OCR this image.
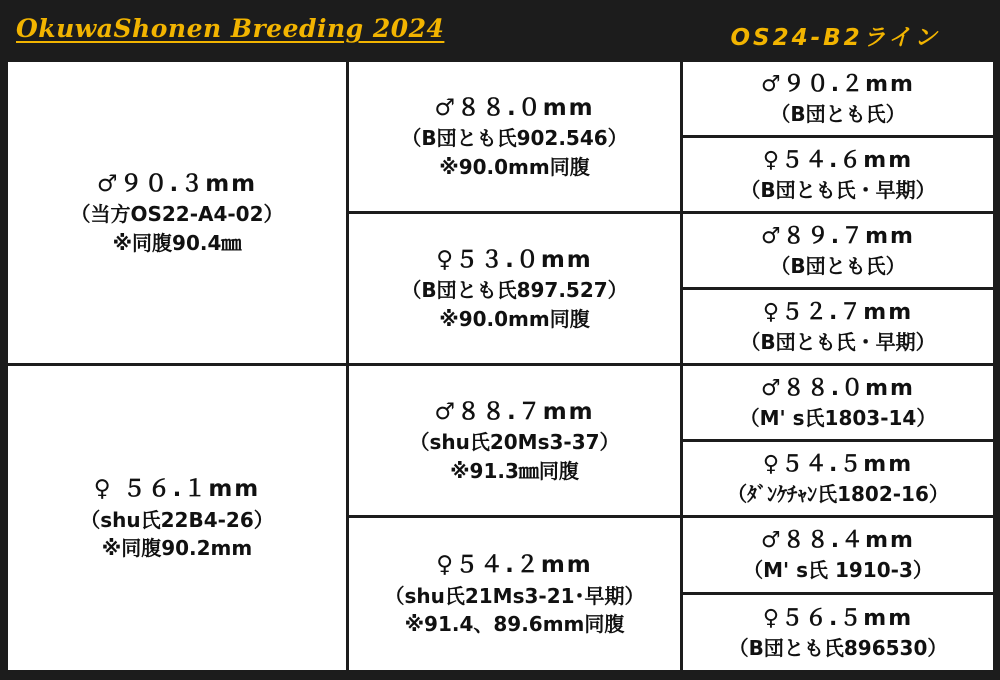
OkuwaShonen Breeding 2024	OS24-B2ライン
♂９０.３mm
（当方OS22-A4-02）
※同腹90.4㎜
♂８８.０mm
（B団とも氏902.546）
※90.0mm同腹
♀５３.０mm
（B団とも氏897.527）
※90.0mm同腹
♂９０.２mm
（B団とも氏）
♀５４.６mm
（B団とも氏・早期）
♂８９.７mm
（B団とも氏）
♀５２.７mm
（B団とも氏・早期）
♀ ５６.１mm
（shu氏22B4-26）
※同腹90.2mm
♂８８.７mm
（shu氏20Ms3-37）
※91.3㎜同腹
♀５４.２mm
（shu氏21Ms3-21･早期）
※91.4、89.6mm同腹
♂８８.０mm
（M' s氏1803-14）
♀５４.５mm
（ﾀﾞﾝｹﾁｬﾝ氏1802-16）
♂８８.４mm
（M' s氏 1910-3）
♀５６.５mm
（B団とも氏896530）
